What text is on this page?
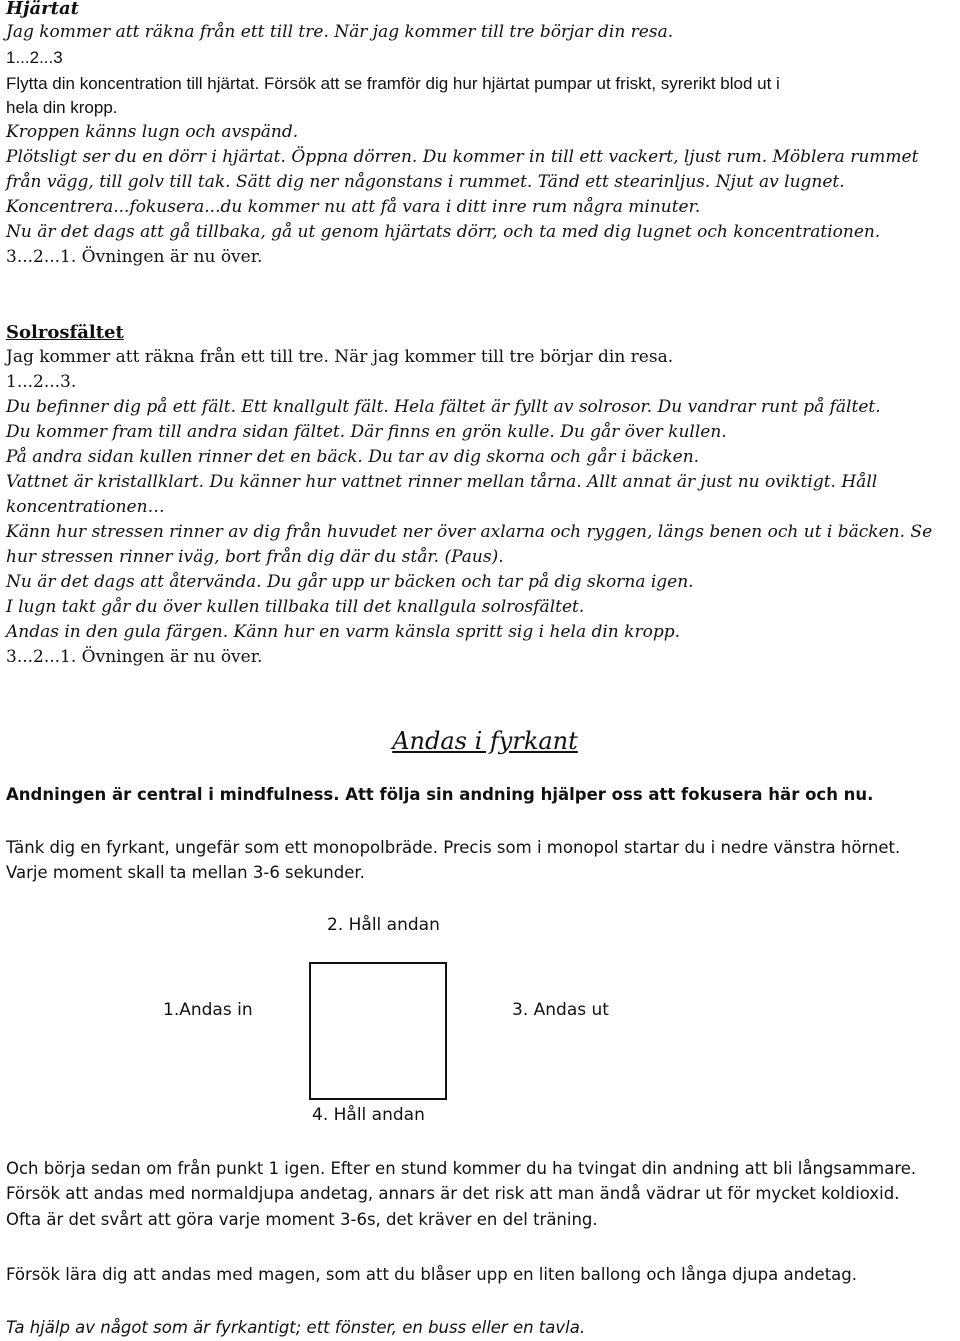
Hjärtat
Jag kommer att räkna från ett till tre. När jag kommer till tre börjar din resa.
1...2...3
Flytta din koncentration till hjärtat. Försök att se framför dig hur hjärtat pumpar ut friskt, syrerikt blod ut i
hela din kropp.
Kroppen känns lugn och avspänd.
Plötsligt ser du en dörr i hjärtat. Öppna dörren. Du kommer in till ett vackert, ljust rum. Möblera rummet
från vägg, till golv till tak. Sätt dig ner någonstans i rummet. Tänd ett stearinljus. Njut av lugnet.
Koncentrera...fokusera...du kommer nu att få vara i ditt inre rum några minuter.
Nu är det dags att gå tillbaka, gå ut genom hjärtats dörr, och ta med dig lugnet och koncentrationen.
3...2...1. Övningen är nu över.
Solrosfältet
Jag kommer att räkna från ett till tre. När jag kommer till tre börjar din resa.
1...2...3.
Du befinner dig på ett fält. Ett knallgult fält. Hela fältet är fyllt av solrosor. Du vandrar runt på fältet.
Du kommer fram till andra sidan fältet. Där finns en grön kulle. Du går över kullen.
På andra sidan kullen rinner det en bäck. Du tar av dig skorna och går i bäcken.
Vattnet är kristallklart. Du känner hur vattnet rinner mellan tårna. Allt annat är just nu oviktigt. Håll
koncentrationen…
Känn hur stressen rinner av dig från huvudet ner över axlarna och ryggen, längs benen och ut i bäcken. Se
hur stressen rinner iväg, bort från dig där du står. (Paus).
Nu är det dags att återvända. Du går upp ur bäcken och tar på dig skorna igen.
I lugn takt går du över kullen tillbaka till det knallgula solrosfältet.
Andas in den gula färgen. Känn hur en varm känsla spritt sig i hela din kropp.
3...2...1. Övningen är nu över.
Andas i fyrkant
Andningen är central i mindfulness. Att följa sin andning hjälper oss att fokusera här och nu.
Tänk dig en fyrkant, ungefär som ett monopolbräde. Precis som i monopol startar du i nedre vänstra hörnet.
Varje moment skall ta mellan 3-6 sekunder.
2. Håll andan
1.Andas in	3. Andas ut
4. Håll andan
Och börja sedan om från punkt 1 igen. Efter en stund kommer du ha tvingat din andning att bli långsammare.
Försök att andas med normaldjupa andetag, annars är det risk att man ändå vädrar ut för mycket koldioxid.
Ofta är det svårt att göra varje moment 3-6s, det kräver en del träning.
Försök lära dig att andas med magen, som att du blåser upp en liten ballong och långa djupa andetag.
Ta hjälp av något som är fyrkantigt; ett fönster, en buss eller en tavla.
